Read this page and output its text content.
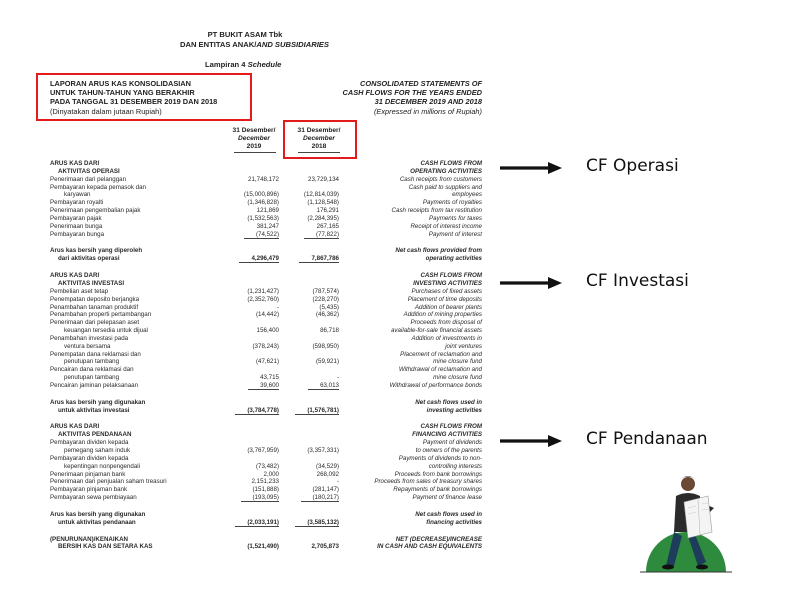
PT BUKIT ASAM Tbk
DAN ENTITAS ANAK/AND SUBSIDIARIES
Lampiran 4 Schedule
LAPORAN ARUS KAS KONSOLIDASIAN
UNTUK TAHUN-TAHUN YANG BERAKHIR
PADA TANGGAL 31 DESEMBER 2019 DAN 2018
(Dinyatakan dalam jutaan Rupiah)
CONSOLIDATED STATEMENTS OF
CASH FLOWS FOR THE YEARS ENDED
31 DECEMBER 2019 AND 2018
(Expressed in millions of Rupiah)
31 Desember/
December
2019
31 Desember/
December
2018
ARUS KAS DARI			CASH FLOWS FROM
AKTIVITAS OPERASI			OPERATING ACTIVITIES
Penerimaan dari pelanggan	21,748,172	23,729,134	Cash receipts from customers
Pembayaran kepada pemasok dan			Cash paid to suppliers and
karyawan	(15,000,896)	(12,814,039)	employees
Pembayaran royalti	(1,346,828)	(1,128,548)	Payments of royalties
Penerimaan pengembalian pajak	121,869	176,291	Cash receipts from tax restitution
Pembayaran pajak	(1,532,563)	(2,284,395)	Payments for taxes
Penerimaan bunga	381,247	267,165	Receipt of interest income
Pembayaran bunga	(74,522)	(77,822)	Payment of interest

Arus kas bersih yang diperoleh			Net cash flows provided from
dari aktivitas operasi	4,296,479	7,867,786	operating activities

ARUS KAS DARI			CASH FLOWS FROM
AKTIVITAS INVESTASI			INVESTING ACTIVITIES
Pembelian aset tetap	(1,231,427)	(787,574)	Purchases of fixed assets
Penempatan deposito berjangka	(2,352,760)	(228,270)	Placement of time deposits
Penambahan tanaman produktif	-	(5,435)	Addition of bearer plants
Penambahan properti pertambangan	(14,442)	(46,362)	Addition of mining properties
Penerimaan dari pelepasan aset			Proceeds from disposal of
keuangan tersedia untuk dijual	156,400	86,718	available-for-sale financial assets
Penambahan investasi pada			Addition of investments in
ventura bersama	(378,243)	(598,950)	joint ventures
Penempatan dana reklamasi dan			Placement of reclamation and
penutupan tambang	(47,621)	(59,921)	mine closure fund
Pencairan dana reklamasi dan			Withdrawal of reclamation and
penutupan tambang	43,715	-	mine closure fund
Pencairan jaminan pelaksanaan	39,600	63,013	Withdrawal of performance bonds

Arus kas bersih yang digunakan			Net cash flows used in
untuk aktivitas investasi	(3,784,778)	(1,576,781)	investing activities

ARUS KAS DARI			CASH FLOWS FROM
AKTIVITAS PENDANAAN			FINANCING ACTIVITIES
Pembayaran dividen kepada			Payment of dividends
pemegang saham induk	(3,767,959)	(3,357,331)	to owners of the parents
Pembayaran dividen kepada			Payments of dividends to non-
kepentingan nonpengendali	(73,482)	(34,529)	controlling interests
Penerimaan pinjaman bank	2,000	268,092	Proceeds from bank borrowings
Penerimaan dari penjualan saham treasuri	2,151,233	-	Proceeds from sales of treasury shares
Pembayaran pinjaman bank	(151,888)	(281,147)	Repayments of bank borrowings
Pembayaran sewa pembiayaan	(193,095)	(180,217)	Payment of finance lease

Arus kas bersih yang digunakan			Net cash flows used in
untuk aktivitas pendanaan	(2,033,191)	(3,585,132)	financing activities

(PENURUNAN)/KENAIKAN			NET (DECREASE)/INCREASE
BERSIH KAS DAN SETARA KAS	(1,521,490)	2,705,873	IN CASH AND CASH EQUIVALENTS
CF Operasi
CF Investasi
CF Pendanaan
